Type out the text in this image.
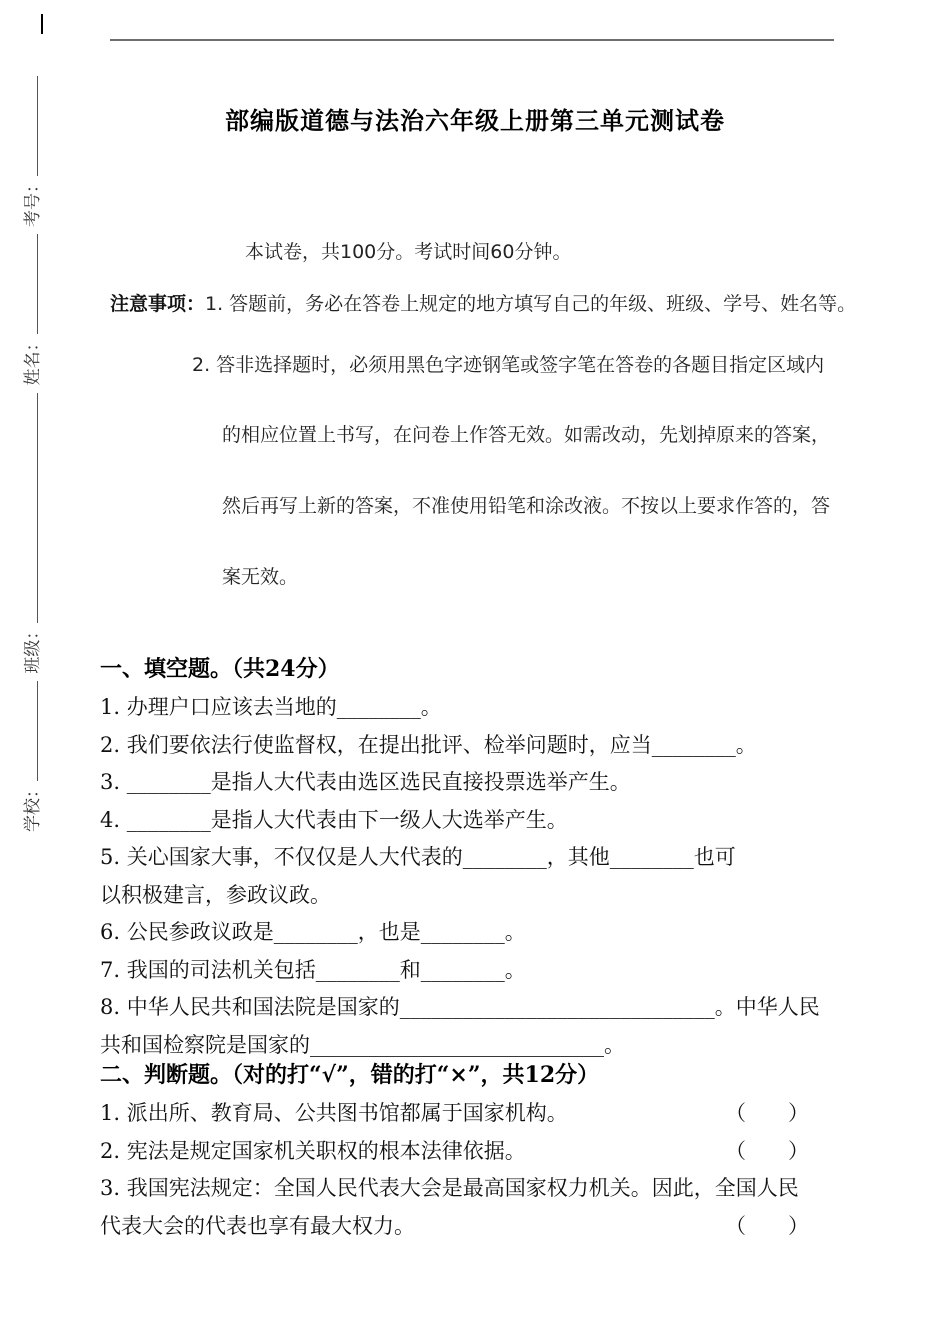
学校：
班级：
姓名：
考号：
部编版道德与法治六年级上册第三单元测试卷
本试卷，共100分。考试时间60分钟。
注意事项：1. 答题前，务必在答卷上规定的地方填写自己的年级、班级、学号、姓名等。
2. 答非选择题时，必须用黑色字迹钢笔或签字笔在答卷的各题目指定区域内
的相应位置上书写，在问卷上作答无效。如需改动，先划掉原来的答案，
然后再写上新的答案，不准使用铅笔和涂改液。不按以上要求作答的，答
案无效。
一、填空题。（共24分）
1. 办理户口应该去当地的________。
2. 我们要依法行使监督权，在提出批评、检举问题时，应当________。
3. ________是指人大代表由选区选民直接投票选举产生。
4. ________是指人大代表由下一级人大选举产生。
5. 关心国家大事，不仅仅是人大代表的________，其他________也可
以积极建言，参政议政。
6. 公民参政议政是________，也是________。
7. 我国的司法机关包括________和________。
8. 中华人民共和国法院是国家的______________________________。中华人民
共和国检察院是国家的____________________________。
二、判断题。（对的打“√”，错的打“×”，共12分）
1. 派出所、教育局、公共图书馆都属于国家机构。	（　　）
2. 宪法是规定国家机关职权的根本法律依据。	（　　）
3. 我国宪法规定：全国人民代表大会是最高国家权力机关。因此，全国人民
代表大会的代表也享有最大权力。	（　　）
